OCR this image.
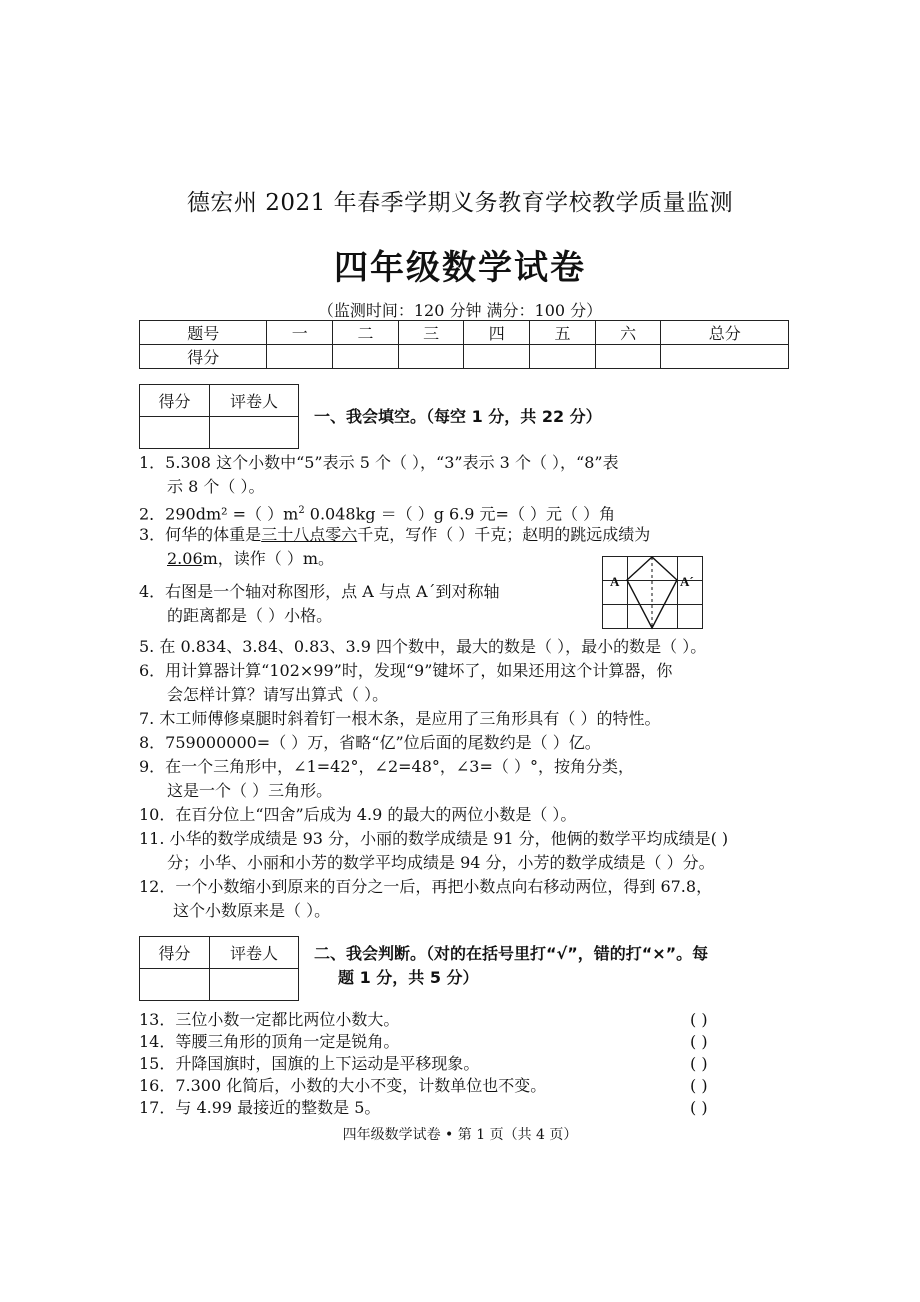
德宏州 2021 年春季学期义务教育学校教学质量监测
四年级数学试卷
（监测时间：120 分钟 满分：100 分）
题号	一	二	三	四	五	六	总分
得分							
得分	评卷人

一、我会填空。（每空 1 分，共 22 分）
1．5.308 这个小数中“5”表示 5 个（ ），“3”表示 3 个（ ），“8”表
示 8 个（ ）。
2．290dm² =（ ）$m^2$ 0.048kg ＝（ ）g 6.9 元=（ ）元（ ）角
3．何华的体重是三十八点零六千克，写作（ ）千克；赵明的跳远成绩为
2.06m，读作（ ）m。
4．右图是一个轴对称图形，点 A 与点 A´到对称轴
的距离都是（ ）小格。
A	A´
5. 在 0.834、3.84、0.83、3.9 四个数中，最大的数是（ ），最小的数是（ ）。
6．用计算器计算“102×99”时，发现“9”键坏了，如果还用这个计算器，你
会怎样计算？请写出算式（ ）。
7. 木工师傅修桌腿时斜着钉一根木条，是应用了三角形具有（ ）的特性。
8．759000000=（ ）万，省略“亿”位后面的尾数约是（ ）亿。
9．在一个三角形中，∠1=42°，∠2=48°，∠3=（ ）°，按角分类，
这是一个（ ）三角形。
10．在百分位上“四舍”后成为 4.9 的最大的两位小数是（ ）。
11. 小华的数学成绩是 93 分，小丽的数学成绩是 91 分，他俩的数学平均成绩是( )
分；小华、小丽和小芳的数学平均成绩是 94 分，小芳的数学成绩是（ ）分。
12．一个小数缩小到原来的百分之一后，再把小数点向右移动两位，得到 67.8，
这个小数原来是（ ）。
得分	评卷人
	二、我会判断。（对的在括号里打“√”，错的打“×”。每
题 1 分，共 5 分）
13．三位小数一定都比两位小数大。	( )
14．等腰三角形的顶角一定是锐角。	( )
15．升降国旗时，国旗的上下运动是平移现象。	( )
16．7.300 化简后，小数的大小不变，计数单位也不变。	( )
17．与 4.99 最接近的整数是 5。	( )
四年级数学试卷 • 第 1 页（共 4 页）
